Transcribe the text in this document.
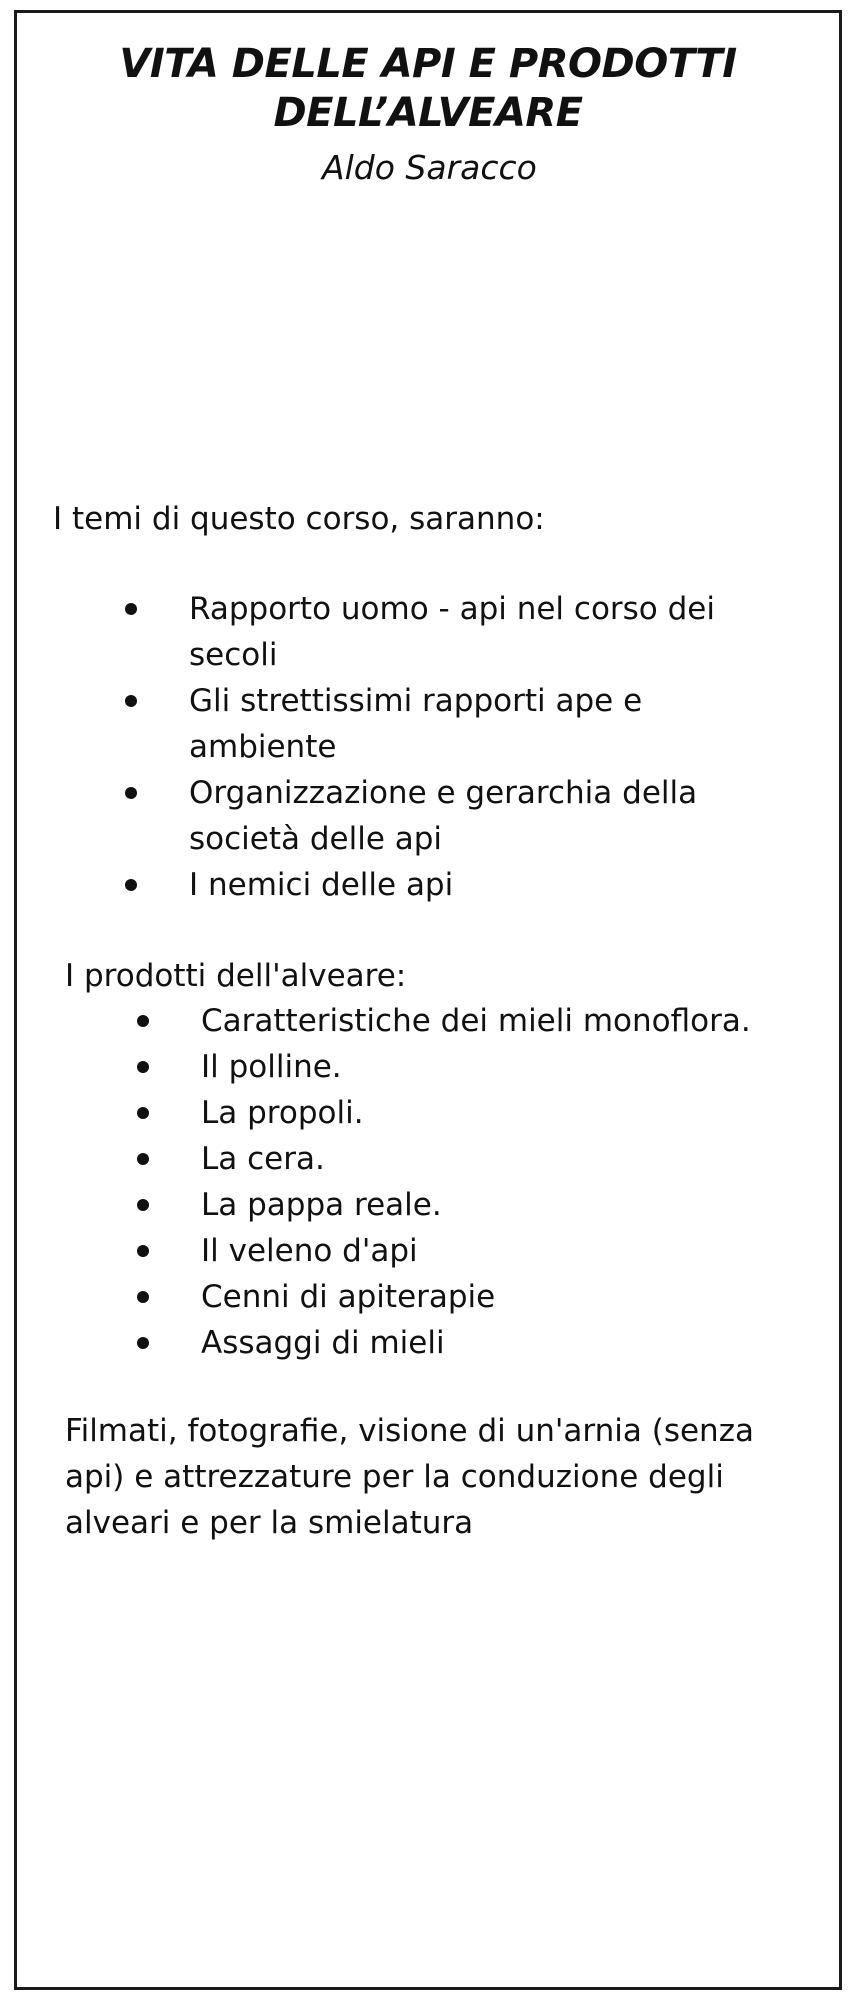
VITA DELLE API E PRODOTTI
DELL’ALVEARE

Aldo Saracco

I temi di questo corso, saranno:

Rapporto uomo - api nel corso dei
secoli
Gli strettissimi rapporti ape e
ambiente
Organizzazione e gerarchia della
società delle api
I nemici delle api

I prodotti dell'alveare:

Caratteristiche dei mieli monoflora.
Il polline.
La propoli.
La cera.
La pappa reale.
Il veleno d'api
Cenni di apiterapie
Assaggi di mieli

Filmati, fotografie, visione di un'arnia (senza
api) e attrezzature per la conduzione degli
alveari e per la smielatura
